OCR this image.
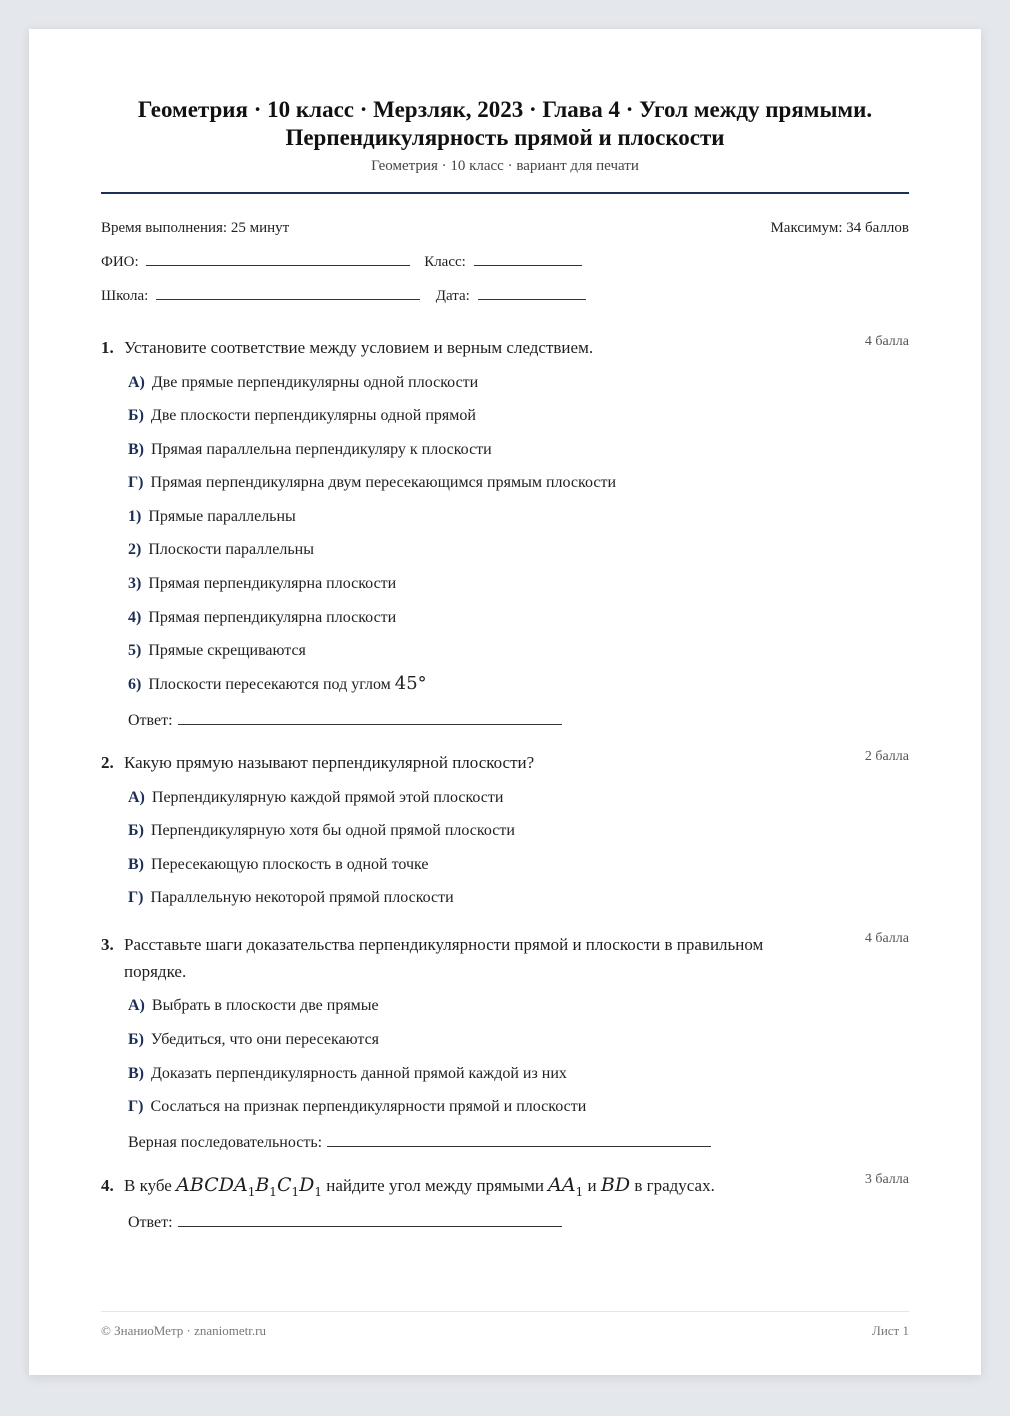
Геометрия · 10 класс · Мерзляк, 2023 · Глава 4 · Угол между прямыми. Перпендикулярность прямой и плоскости
Геометрия · 10 класс · вариант для печати
Время выполнения: 25 минут	Максимум: 34 баллов
ФИО:	Класс:
Школа:	Дата:
1. Установите соответствие между условием и верным следствием.	4 балла
А) Две прямые перпендикулярны одной плоскости
Б) Две плоскости перпендикулярны одной прямой
В) Прямая параллельна перпендикуляру к плоскости
Г) Прямая перпендикулярна двум пересекающимся прямым плоскости
1) Прямые параллельны
2) Плоскости параллельны
3) Прямая перпендикулярна плоскости
4) Прямая перпендикулярна плоскости
5) Прямые скрещиваются
6) Плоскости пересекаются под углом 45°
Ответ:
2. Какую прямую называют перпендикулярной плоскости?	2 балла
А) Перпендикулярную каждой прямой этой плоскости
Б) Перпендикулярную хотя бы одной прямой плоскости
В) Пересекающую плоскость в одной точке
Г) Параллельную некоторой прямой плоскости
3. Расставьте шаги доказательства перпендикулярности прямой и плоскости в правильном порядке.
4 балла
А) Выбрать в плоскости две прямые
Б) Убедиться, что они пересекаются
В) Доказать перпендикулярность данной прямой каждой из них
Г) Сослаться на признак перпендикулярности прямой и плоскости
Верная последовательность:
4. В кубе $ABCDA_1B_1C_1D_1$ найдите угол между прямыми $AA_1$ и BD в градусах.	3 балла
Ответ:
© ЗнаниоМетр · znaniometr.ru	Лист 1
